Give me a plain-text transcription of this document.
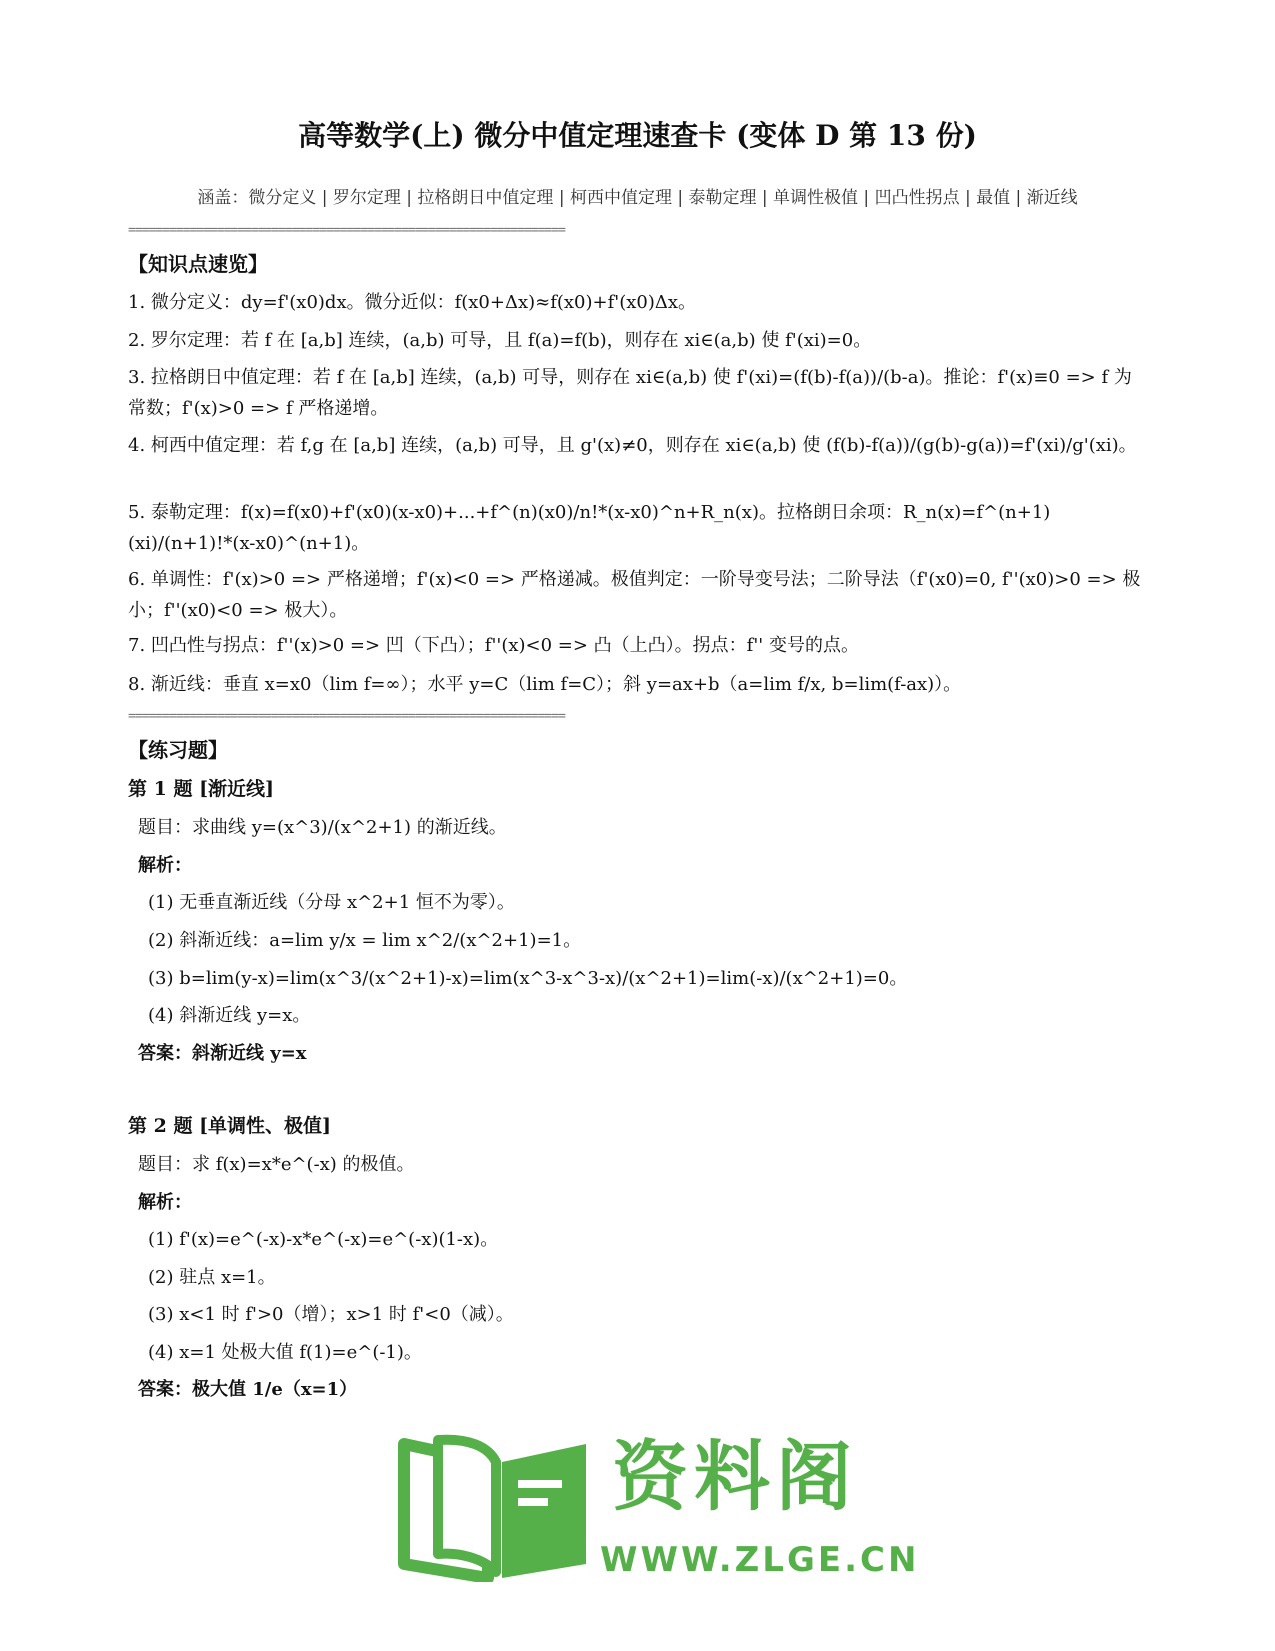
高等数学(上) 微分中值定理速查卡 (变体 D 第 13 份)
涵盖：微分定义 | 罗尔定理 | 拉格朗日中值定理 | 柯西中值定理 | 泰勒定理 | 单调性极值 | 凹凸性拐点 | 最值 | 渐近线
================================================================
【知识点速览】
1. 微分定义：dy=f'(x0)dx。微分近似：f(x0+Δx)≈f(x0)+f'(x0)Δx。
2. 罗尔定理：若 f 在 [a,b] 连续，(a,b) 可导，且 f(a)=f(b)，则存在 xi∈(a,b) 使 f'(xi)=0。
3. 拉格朗日中值定理：若 f 在 [a,b] 连续，(a,b) 可导，则存在 xi∈(a,b) 使 f'(xi)=(f(b)-f(a))/(b-a)。推论：f'(x)≡0 => f 为常数；f'(x)>0 => f 严格递增。
4. 柯西中值定理：若 f,g 在 [a,b] 连续，(a,b) 可导，且 g'(x)≠0，则存在 xi∈(a,b) 使 (f(b)-f(a))/(g(b)-g(a))=f'(xi)/g'(xi)。
5. 泰勒定理：f(x)=f(x0)+f'(x0)(x-x0)+...+f^(n)(x0)/n!*(x-x0)^n+R_n(x)。拉格朗日余项：R_n(x)=f^(n+1)(xi)/(n+1)!*(x-x0)^(n+1)。
6. 单调性：f'(x)>0 => 严格递增；f'(x)<0 => 严格递减。极值判定：一阶导变号法；二阶导法（f'(x0)=0, f''(x0)>0 => 极小；f''(x0)<0 => 极大）。
7. 凹凸性与拐点：f''(x)>0 => 凹（下凸）；f''(x)<0 => 凸（上凸）。拐点：f'' 变号的点。
8. 渐近线：垂直 x=x0（lim f=∞）；水平 y=C（lim f=C）；斜 y=ax+b（a=lim f/x, b=lim(f-ax)）。
================================================================
【练习题】
第 1 题 [渐近线]
题目：求曲线 y=(x^3)/(x^2+1) 的渐近线。
解析：
(1) 无垂直渐近线（分母 x^2+1 恒不为零）。
(2) 斜渐近线：a=lim y/x = lim x^2/(x^2+1)=1。
(3) b=lim(y-x)=lim(x^3/(x^2+1)-x)=lim(x^3-x^3-x)/(x^2+1)=lim(-x)/(x^2+1)=0。
(4) 斜渐近线 y=x。
答案：斜渐近线 y=x
第 2 题 [单调性、极值]
题目：求 f(x)=x*e^(-x) 的极值。
解析：
(1) f'(x)=e^(-x)-x*e^(-x)=e^(-x)(1-x)。
(2) 驻点 x=1。
(3) x<1 时 f'>0（增）；x>1 时 f'<0（减）。
(4) x=1 处极大值 f(1)=e^(-1)。
答案：极大值 1/e（x=1）
资料阁
WWW.ZLGE.CN
